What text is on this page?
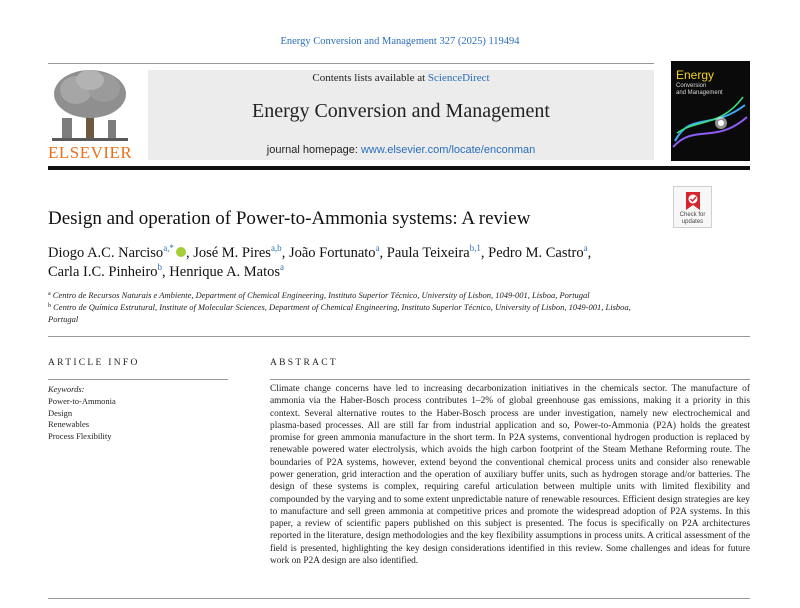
Energy Conversion and Management 327 (2025) 119494
ELSEVIER
Contents lists available at ScienceDirect
Energy Conversion and Management
journal homepage: www.elsevier.com/locate/enconman
Energy
Conversion
and Management
Check for
updates
Design and operation of Power-to-Ammonia systems: A review
Diogo A.C. Narciso$^{a,*}$ , José M. Pires$^{a,b}$, João Fortunato$^a$, Paula Teixeira$^{b,1}$, Pedro M. Castro$^a$,
Carla I.C. Pinheiro$^b$, Henrique A. Matos$^a$
$^a$ Centro de Recursos Naturais e Ambiente, Department of Chemical Engineering, Instituto Superior Técnico, University of Lisbon, 1049-001, Lisboa, Portugal
$^b$ Centro de Química Estrutural, Institute of Molecular Sciences, Department of Chemical Engineering, Instituto Superior Técnico, University of Lisbon, 1049-001, Lisboa, Portugal
ARTICLE INFO	ABSTRACT
Keywords:
Power-to-Ammonia
Design
Renewables
Process Flexibility
Climate change concerns have led to increasing decarbonization initiatives in the chemicals sector. The manufacture of ammonia via the Haber-Bosch process contributes 1–2% of global greenhouse gas emissions, making it a priority in this context. Several alternative routes to the Haber-Bosch process are under investigation, namely new electrochemical and plasma-based processes. All are still far from industrial application and so, Power-to-Ammonia (P2A) holds the greatest promise for green ammonia manufacture in the short term. In P2A systems, conventional hydrogen production is replaced by renewable powered water electrolysis, which avoids the high carbon footprint of the Steam Methane Reforming route. The boundaries of P2A systems, however, extend beyond the conventional chemical process units and consider also renewable power generation, grid interaction and the operation of auxiliary buffer units, such as hydrogen storage and/or batteries. The design of these systems is complex, requiring careful articulation between multiple units with limited flexibility and compounded by the varying and to some extent unpredictable nature of renewable resources. Efficient design strategies are key to manufacture and sell green ammonia at competitive prices and promote the widespread adoption of P2A systems. In this paper, a review of scientific papers published on this subject is presented. The focus is specifically on P2A architectures reported in the literature, design methodologies and the key flexibility assumptions in process units. A critical assessment of the field is presented, highlighting the key design considerations identified in this review. Some challenges and ideas for future work on P2A design are also identified.
